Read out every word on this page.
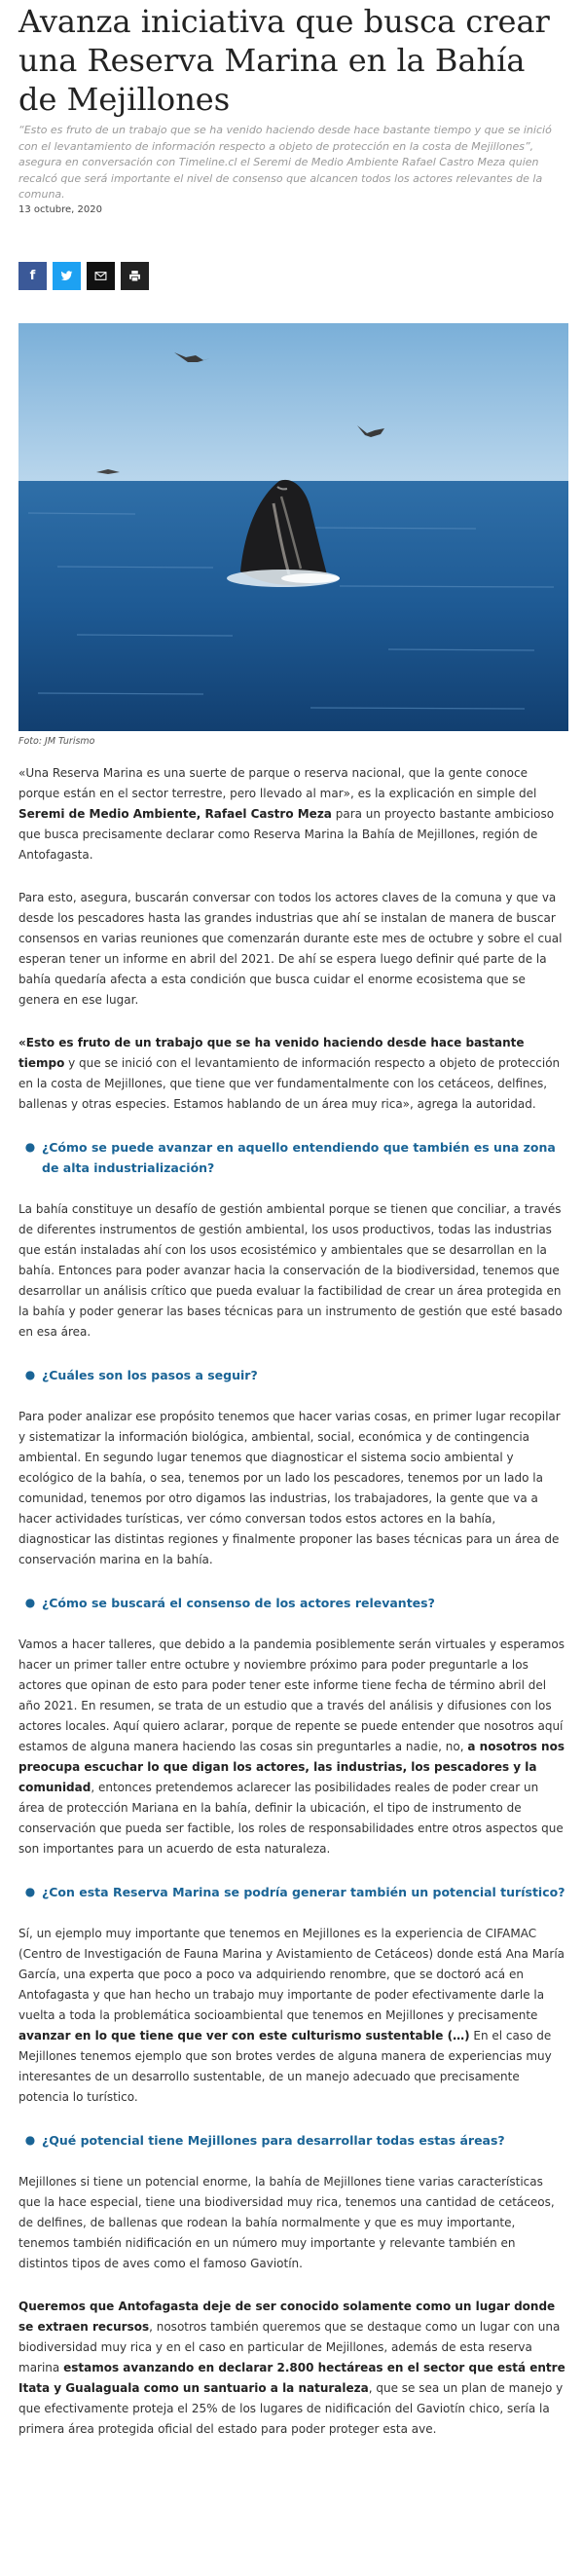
Avanza iniciativa que busca crear una Reserva Marina en la Bahía de Mejillones
“Esto es fruto de un trabajo que se ha venido haciendo desde hace bastante tiempo y que se inició con el levantamiento de información respecto a objeto de protección en la costa de Mejillones”, asegura en conversación con Timeline.cl el Seremi de Medio Ambiente Rafael Castro Meza quien recalcó que será importante el nivel de consenso que alcancen todos los actores relevantes de la comuna.
13 octubre, 2020
f
Foto: JM Turismo

«Una Reserva Marina es una suerte de parque o reserva nacional, que la gente conoce porque están en el sector terrestre, pero llevado al mar», es la explicación en simple del Seremi de Medio Ambiente, Rafael Castro Meza para un proyecto bastante ambicioso que busca precisamente declarar como Reserva Marina la Bahía de Mejillones, región de Antofagasta.

Para esto, asegura, buscarán conversar con todos los actores claves de la comuna y que va desde los pescadores hasta las grandes industrias que ahí se instalan de manera de buscar consensos en varias reuniones que comenzarán durante este mes de octubre y sobre el cual esperan tener un informe en abril del 2021. De ahí se espera luego definir qué parte de la bahía quedaría afecta a esta condición que busca cuidar el enorme ecosistema que se genera en ese lugar.

«Esto es fruto de un trabajo que se ha venido haciendo desde hace bastante tiempo y que se inició con el levantamiento de información respecto a objeto de protección en la costa de Mejillones, que tiene que ver fundamentalmente con los cetáceos, delfines, ballenas y otras especies. Estamos hablando de un área muy rica», agrega la autoridad.

● ¿Cómo se puede avanzar en aquello entendiendo que también es una zona de alta industrialización?

La bahía constituye un desafío de gestión ambiental porque se tienen que conciliar, a través de diferentes instrumentos de gestión ambiental, los usos productivos, todas las industrias que están instaladas ahí con los usos ecosistémico y ambientales que se desarrollan en la bahía. Entonces para poder avanzar hacia la conservación de la biodiversidad, tenemos que desarrollar un análisis crítico que pueda evaluar la factibilidad de crear un área protegida en la bahía y poder generar las bases técnicas para un instrumento de gestión que esté basado en esa área.

● ¿Cuáles son los pasos a seguir?

Para poder analizar ese propósito tenemos que hacer varias cosas, en primer lugar recopilar y sistematizar la información biológica, ambiental, social, económica y de contingencia ambiental. En segundo lugar tenemos que diagnosticar el sistema socio ambiental y ecológico de la bahía, o sea, tenemos por un lado los pescadores, tenemos por un lado la comunidad, tenemos por otro digamos las industrias, los trabajadores, la gente que va a hacer actividades turísticas, ver cómo conversan todos estos actores en la bahía, diagnosticar las distintas regiones y finalmente proponer las bases técnicas para un área de conservación marina en la bahía.

● ¿Cómo se buscará el consenso de los actores relevantes?

Vamos a hacer talleres, que debido a la pandemia posiblemente serán virtuales y esperamos hacer un primer taller entre octubre y noviembre próximo para poder preguntarle a los actores que opinan de esto para poder tener este informe tiene fecha de término abril del año 2021. En resumen, se trata de un estudio que a través del análisis y difusiones con los actores locales. Aquí quiero aclarar, porque de repente se puede entender que nosotros aquí estamos de alguna manera haciendo las cosas sin preguntarles a nadie, no, a nosotros nos preocupa escuchar lo que digan los actores, las industrias, los pescadores y la comunidad, entonces pretendemos aclarecer las posibilidades reales de poder crear un área de protección Mariana en la bahía, definir la ubicación, el tipo de instrumento de conservación que pueda ser factible, los roles de responsabilidades entre otros aspectos que son importantes para un acuerdo de esta naturaleza.

● ¿Con esta Reserva Marina se podría generar también un potencial turístico?

Sí, un ejemplo muy importante que tenemos en Mejillones es la experiencia de CIFAMAC (Centro de Investigación de Fauna Marina y Avistamiento de Cetáceos) donde está Ana María García, una experta que poco a poco va adquiriendo renombre, que se doctoró acá en Antofagasta y que han hecho un trabajo muy importante de poder efectivamente darle la vuelta a toda la problemática socioambiental que tenemos en Mejillones y precisamente avanzar en lo que tiene que ver con este culturismo sustentable (…) En el caso de Mejillones tenemos ejemplo que son brotes verdes de alguna manera de experiencias muy interesantes de un desarrollo sustentable, de un manejo adecuado que precisamente potencia lo turístico.

● ¿Qué potencial tiene Mejillones para desarrollar todas estas áreas?

Mejillones si tiene un potencial enorme, la bahía de Mejillones tiene varias características que la hace especial, tiene una biodiversidad muy rica, tenemos una cantidad de cetáceos, de delfines, de ballenas que rodean la bahía normalmente y que es muy importante, tenemos también nidificación en un número muy importante y relevante también en distintos tipos de aves como el famoso Gaviotín.

Queremos que Antofagasta deje de ser conocido solamente como un lugar donde se extraen recursos, nosotros también queremos que se destaque como un lugar con una biodiversidad muy rica y en el caso en particular de Mejillones, además de esta reserva marina estamos avanzando en declarar 2.800 hectáreas en el sector que está entre Itata y Gualaguala como un santuario a la naturaleza, que se sea un plan de manejo y que efectivamente proteja el 25% de los lugares de nidificación del Gaviotín chico, sería la primera área protegida oficial del estado para poder proteger esta ave.
